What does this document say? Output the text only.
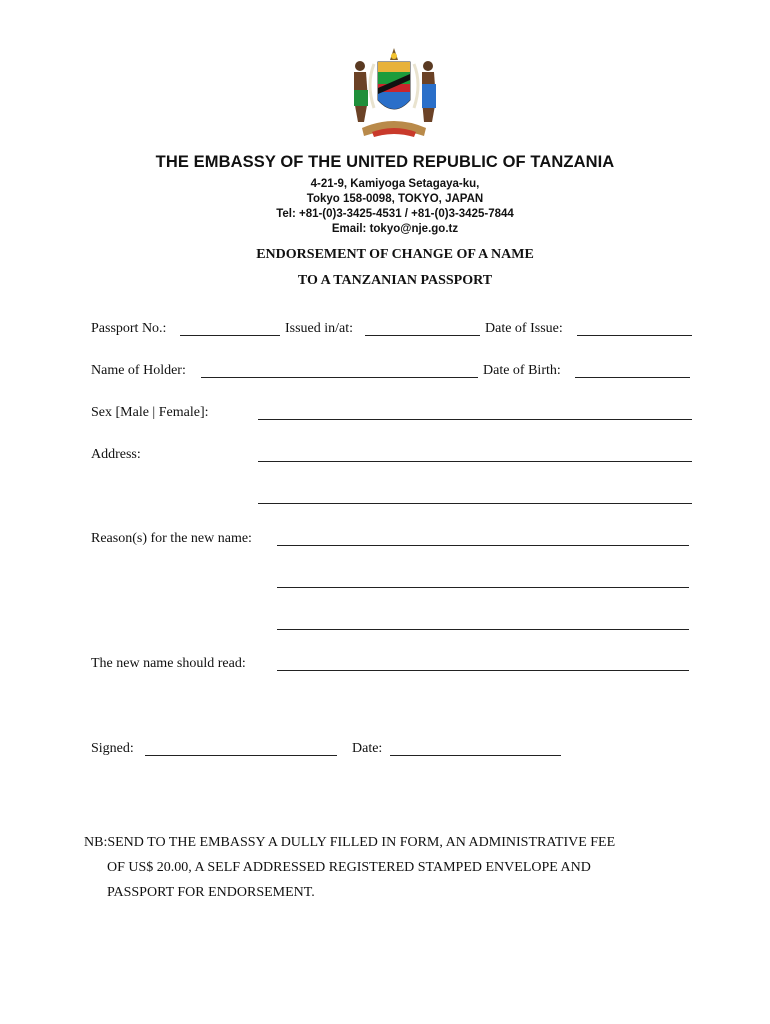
THE EMBASSY OF THE UNITED REPUBLIC OF TANZANIA
4-21-9, Kamiyoga Setagaya-ku,
Tokyo 158-0098, TOKYO, JAPAN
Tel: +81-(0)3-3425-4531 / +81-(0)3-3425-7844
Email: tokyo@nje.go.tz
ENDORSEMENT OF CHANGE OF A NAME
TO A TANZANIAN PASSPORT
Passport No.:	Issued in/at:	Date of Issue:
Name of Holder:	Date of Birth:
Sex [Male | Female]:
Address:
Reason(s) for the new name:
The new name should read:
Signed:	Date:
NB:SEND TO THE EMBASSY A DULLY FILLED IN FORM, AN ADMINISTRATIVE FEE
OF US$ 20.00, A SELF ADDRESSED REGISTERED STAMPED ENVELOPE AND
PASSPORT FOR ENDORSEMENT.
